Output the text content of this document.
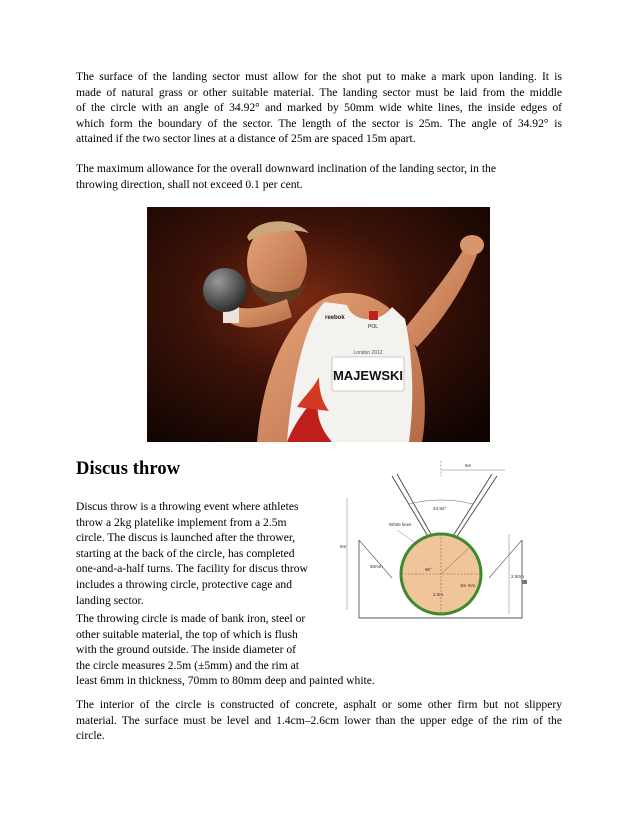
The surface of the landing sector must allow for the shot put to make a mark upon landing. It is
made of natural grass or other suitable material. The landing sector must be laid from the middle
of the circle with an angle of 34.92° and marked by 50mm wide white lines, the inside edges of
which form the boundary of the sector. The length of the sector is 25m. The angle of 34.92° is
attained if the two sector lines at a distance of 25m are spaced 15m apart.
The maximum allowance for the overall downward inclination of the landing sector, in the
throwing direction, shall not exceed 0.1 per cent.
MAJEWSKI
London 2012
reebok
POL
Discus throw
Discus throw is a throwing event where athletes
throw a 2kg platelike implement from a 2.5m
circle. The discus is launched after the thrower,
starting at the back of the circle, has completed
one-and-a-half turns. The facility for discus throw
includes a throwing circle, protective cage and
landing sector.
The throwing circle is made of bank iron, steel or
other suitable material, the top of which is flush
with the ground outside. The inside diameter of
the circle measures 2.5m (±5mm) and the rim at
least 6mm in thickness, 70mm to 80mm deep and painted white.
The interior of the circle is constructed of concrete, asphalt or some other firm but not slippery
material. The surface must be level and 1.4cm–2.6cm lower than the upper edge of the rim of the
circle.
6m
34.92°
5m
90°
2.5m
3m mm
White lines
50mm
2.50m
